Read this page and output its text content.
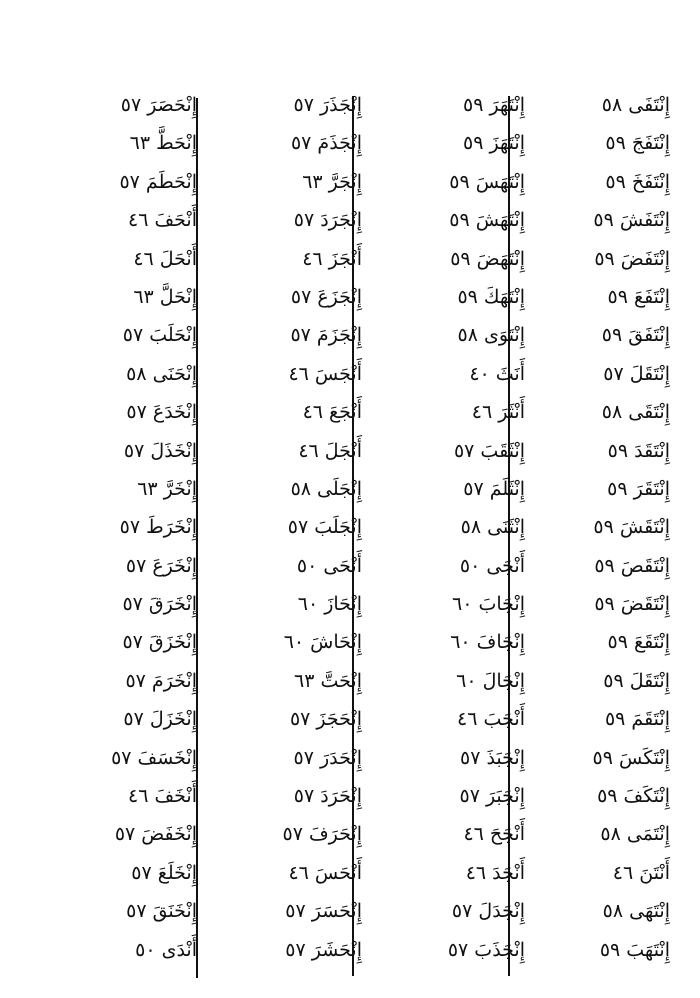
إِنْتَفَى ٥٨
إِنْتَفَجَ ٥٩
إِنْتَفَخَ ٥٩
إِنْتَفَشَ ٥٩
إِنْتَفَضَ ٥٩
إِنْتَفَعَ ٥٩
إِنْتَفَقَ ٥٩
إِنْتَقَلَ ٥٧
إِنْتَقَى ٥٨
إِنْتَقَدَ ٥٩
إِنْتَقَرَ ٥٩
إِنْتَقَشَ ٥٩
إِنْتَقَصَ ٥٩
إِنْتَقَضَ ٥٩
إِنْتَقَعَ ٥٩
إِنْتَقَلَ ٥٩
إِنْتَقَمَ ٥٩
إِنْتَكَسَ ٥٩
إِنْتَكَفَ ٥٩
إِنْتَمَى ٥٨
أَنْتَنَ ٤٦
إِنْتَهَى ٥٨
إِنْتَهَبَ ٥٩
إِنْتَهَرَ ٥٩
إِنْتَهَزَ ٥٩
إِنْتَهَسَ ٥٩
إِنْتَهَشَ ٥٩
إِنْتَهَضَ ٥٩
إِنْتَهَكَ ٥٩
إِنْتَوَى ٥٨
أَنَثَ ٤٠
أَنْثَرَ ٤٦
إِنْثَقَبَ ٥٧
إِنْثَلَمَ ٥٧
إِنْثَنَى ٥٨
أَنْجَى ٥٠
إِنْجَابَ ٦٠
إِنْجَافَ ٦٠
إِنْجَالَ ٦٠
أَنْجَبَ ٤٦
إِنْجَبَذَ ٥٧
إِنْجَبَرَ ٥٧
أَنْجَحَ ٤٦
أَنْجَدَ ٤٦
إِنْجَدَلَ ٥٧
إِنْجَذَبَ ٥٧
إِنْجَذَرَ ٥٧
إِنْجَذَمَ ٥٧
إِنْجَرَّ ٦٣
إِنْجَرَدَ ٥٧
أَنْجَزَ ٤٦
إِنْجَزَعَ ٥٧
إِنْجَزَمَ ٥٧
أَنْجَسَ ٤٦
أَنْجَعَ ٤٦
أَنْجَلَ ٤٦
إِنْجَلَى ٥٨
إِنْجَلَبَ ٥٧
أَنْحَى ٥٠
إِنْحَازَ ٦٠
إِنْحَاشَ ٦٠
إِنْحَتَّ ٦٣
إِنْحَجَزَ ٥٧
إِنْحَدَرَ ٥٧
إِنْحَرَدَ ٥٧
إِنْحَرَفَ ٥٧
أَنْحَسَ ٤٦
إِنْحَسَرَ ٥٧
إِنْحَشَرَ ٥٧
إِنْحَصَرَ ٥٧
إِنْحَطَّ ٦٣
إِنْحَطَمَ ٥٧
أَنْحَفَ ٤٦
أَنْحَلَ ٤٦
إِنْحَلَّ ٦٣
إِنْحَلَبَ ٥٧
إِنْحَنَى ٥٨
إِنْخَدَعَ ٥٧
إِنْخَذَلَ ٥٧
إِنْخَرَّ ٦٣
إِنْخَرَطَ ٥٧
إِنْخَرَعَ ٥٧
إِنْخَرَقَ ٥٧
إِنْخَزَقَ ٥٧
إِنْخَرَمَ ٥٧
إِنْخَزَلَ ٥٧
إِنْخَسَفَ ٥٧
أَنْخَفَ ٤٦
إِنْخَفَضَ ٥٧
إِنْخَلَعَ ٥٧
إِنْخَنَقَ ٥٧
أَنْدَى ٥٠
